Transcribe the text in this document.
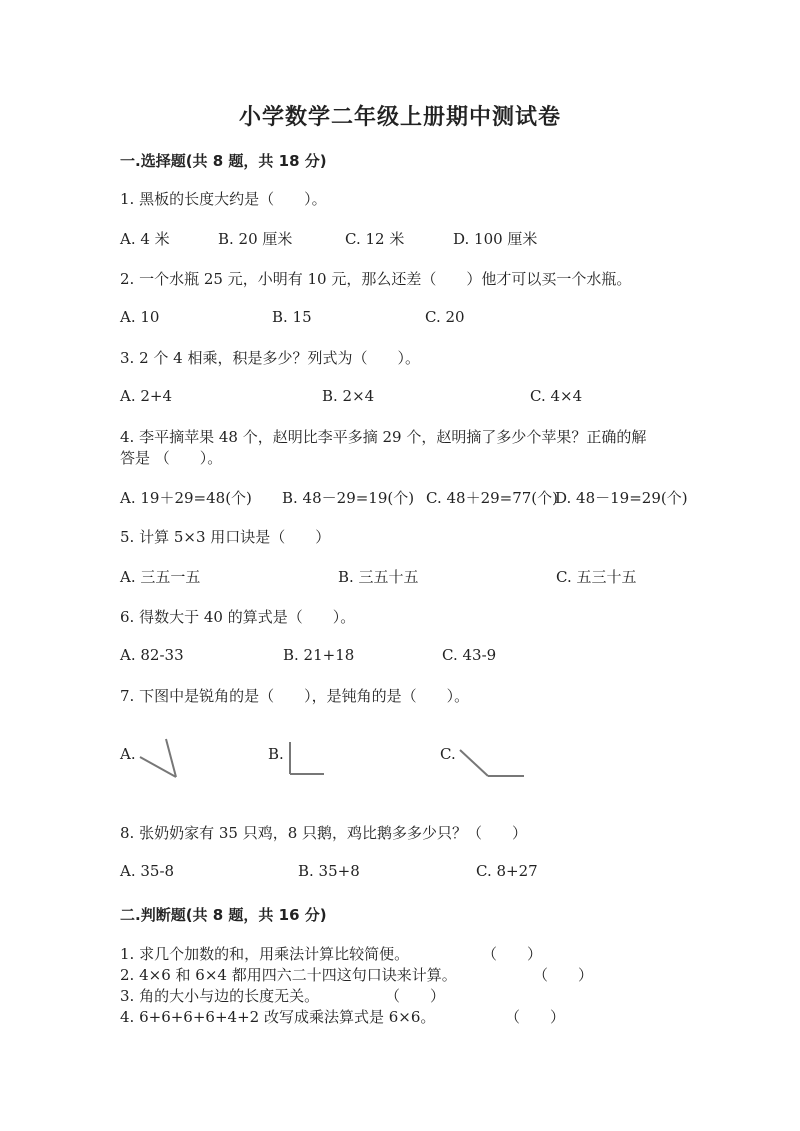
小学数学二年级上册期中测试卷
一.选择题(共 8 题，共 18 分)
1. 黑板的长度大约是（　　）。
A. 4 米	B. 20 厘米	C. 12 米	D. 100 厘米
2. 一个水瓶 25 元，小明有 10 元，那么还差（　　）他才可以买一个水瓶。
A. 10	B. 15	C. 20
3. 2 个 4 相乘，积是多少？列式为（　　）。
A. 2+4	B. 2×4	C. 4×4
4. 李平摘苹果 48 个，赵明比李平多摘 29 个，赵明摘了多少个苹果？正确的解
答是 （　　）。
A. 19＋29=48(个) B. 48－29=19(个) C. 48＋29=77(个)
D. 48－19=29(个)
5. 计算 5×3 用口诀是（　　）
A. 三五一五	B. 三五十五	C. 五三十五
6. 得数大于 40 的算式是（　　）。
A. 82-33	B. 21+18	C. 43-9
7. 下图中是锐角的是（　　），是钝角的是（　　）。
A.	B.	C.
8. 张奶奶家有 35 只鸡，8 只鹅，鸡比鹅多多少只？（　　）
A. 35-8	B. 35+8	C. 8+27
二.判断题(共 8 题，共 16 分)
1. 求几个加数的和，用乘法计算比较简便。	（　　）
2. 4×6 和 6×4 都用四六二十四这句口诀来计算。	（　　）
3. 角的大小与边的长度无关。	（　　）
4. 6+6+6+6+4+2 改写成乘法算式是 6×6。	（　　）
